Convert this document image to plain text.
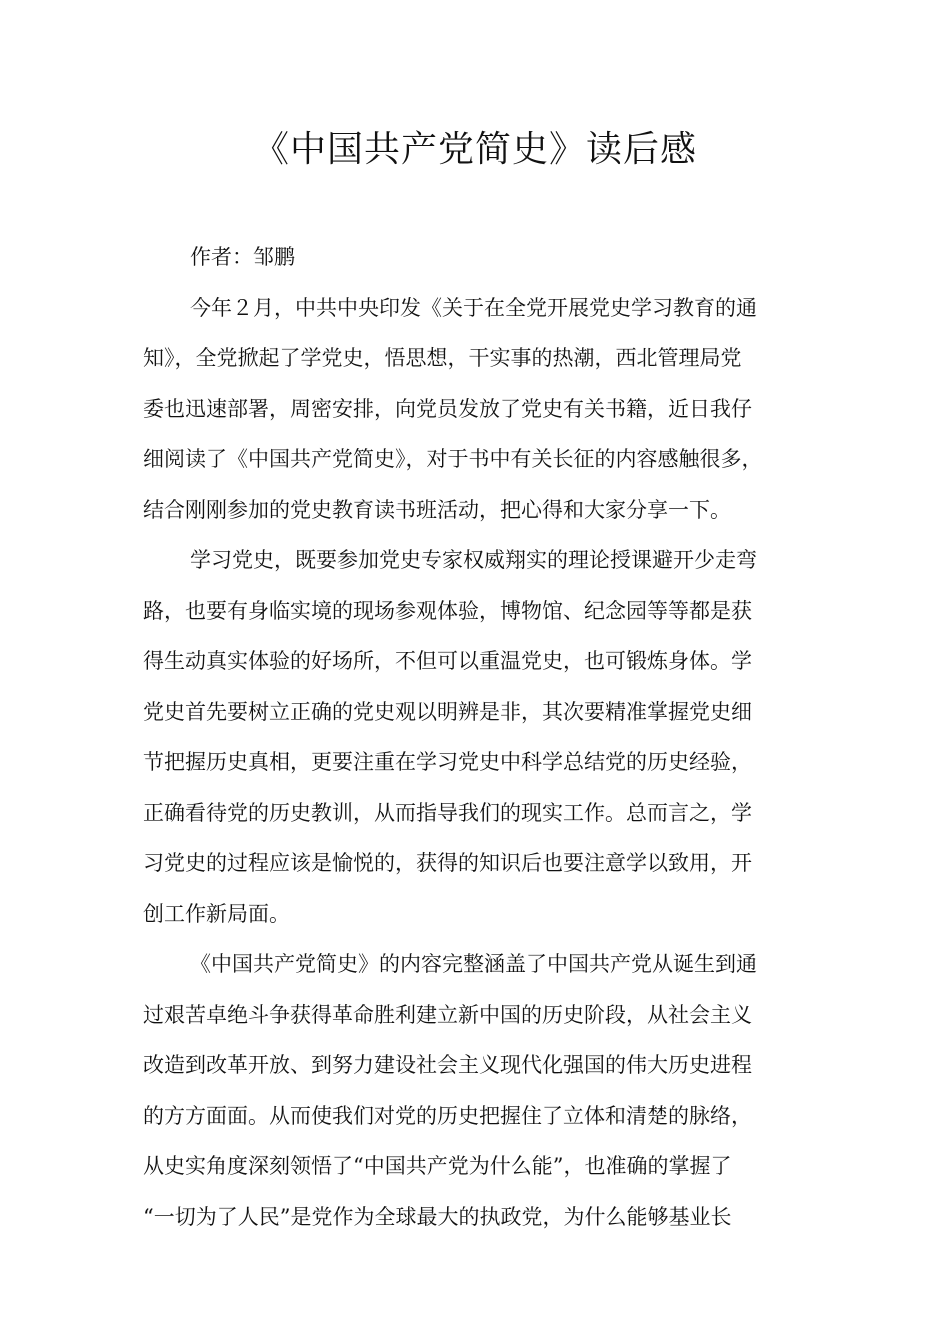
《中国共产党简史》读后感
作者：邹鹏
今年２月，中共中央印发《关于在全党开展党史学习教育的通
知》，全党掀起了学党史，悟思想，干实事的热潮，西北管理局党
委也迅速部署，周密安排，向党员发放了党史有关书籍，近日我仔
细阅读了《中国共产党简史》，对于书中有关长征的内容感触很多，
结合刚刚参加的党史教育读书班活动，把心得和大家分享一下。
学习党史，既要参加党史专家权威翔实的理论授课避开少走弯
路，也要有身临实境的现场参观体验，博物馆、纪念园等等都是获
得生动真实体验的好场所，不但可以重温党史，也可锻炼身体。学
党史首先要树立正确的党史观以明辨是非，其次要精准掌握党史细
节把握历史真相，更要注重在学习党史中科学总结党的历史经验，
正确看待党的历史教训，从而指导我们的现实工作。总而言之，学
习党史的过程应该是愉悦的，获得的知识后也要注意学以致用，开
创工作新局面。
《中国共产党简史》的内容完整涵盖了中国共产党从诞生到通
过艰苦卓绝斗争获得革命胜利建立新中国的历史阶段，从社会主义
改造到改革开放、到努力建设社会主义现代化强国的伟大历史进程
的方方面面。从而使我们对党的历史把握住了立体和清楚的脉络，
从史实角度深刻领悟了“中国共产党为什么能”，也准确的掌握了
“一切为了人民”是党作为全球最大的执政党，为什么能够基业长
